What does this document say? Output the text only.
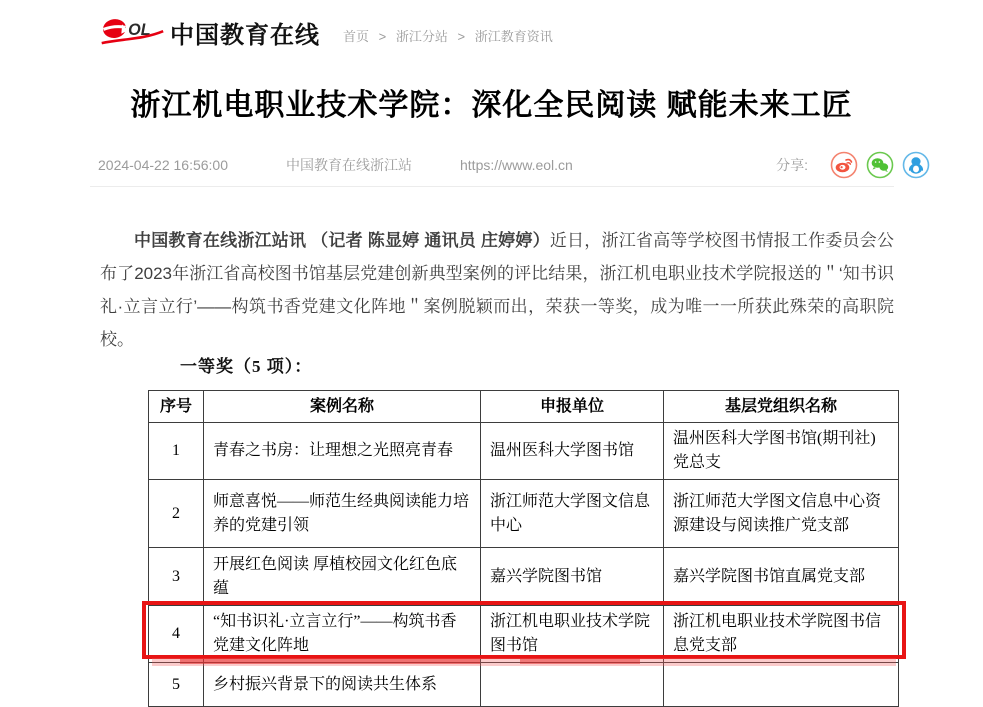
OL 中国教育在线 首页 > 浙江分站 > 浙江教育资讯
浙江机电职业技术学院：深化全民阅读 赋能未来工匠
2024-04-22 16:56:00	中国教育在线浙江站	https://www.eol.cn	分享:

中国教育在线浙江站讯 （记者 陈显婷 通讯员 庄婷婷）近日，浙江省高等学校图书情报工作委员会公布了2023年浙江省高校图书馆基层党建创新典型案例的评比结果，浙江机电职业技术学院报送的＂‘知书识礼·立言立行’——构筑书香党建文化阵地＂案例脱颖而出，荣获一等奖，成为唯一一所获此殊荣的高职院校。

一等奖（5 项）：
序号	案例名称	申报单位	基层党组织名称
1	青春之书房：让理想之光照亮青春	温州医科大学图书馆	温州医科大学图书馆(期刊社)党总支
2	师意喜悦——师范生经典阅读能力培养的党建引领	浙江师范大学图文信息中心	浙江师范大学图文信息中心资源建设与阅读推广党支部
3	开展红色阅读 厚植校园文化红色底蕴	嘉兴学院图书馆	嘉兴学院图书馆直属党支部
4	“知书识礼·立言立行”——构筑书香党建文化阵地	浙江机电职业技术学院图书馆	浙江机电职业技术学院图书信息党支部
5	乡村振兴背景下的阅读共生体系		
